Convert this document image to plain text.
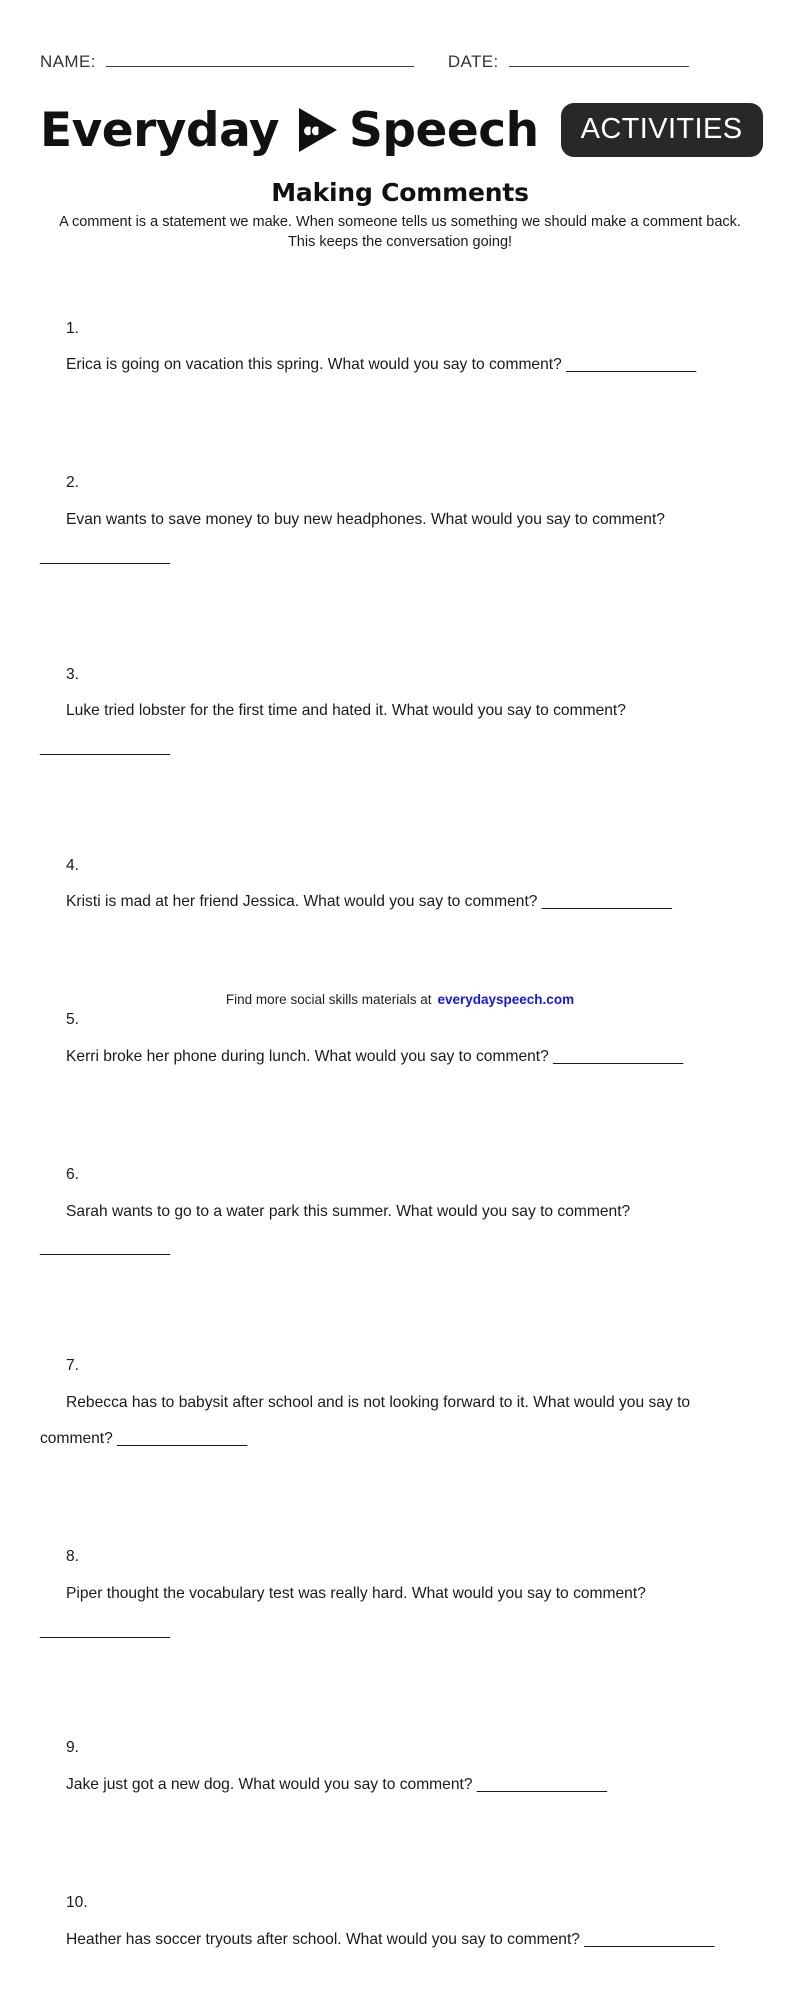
NAME:	DATE:
Everyday Speech	ACTIVITIES
Making Comments
A comment is a statement we make. When someone tells us something we should make a comment back. This keeps the conversation going!

1.
Erica is going on vacation this spring. What would you say to comment? _______________

2.
Evan wants to save money to buy new headphones. What would you say to comment? _______________

3.
Luke tried lobster for the first time and hated it. What would you say to comment? _______________

4.
Kristi is mad at her friend Jessica. What would you say to comment? _______________

5.
Kerri broke her phone during lunch. What would you say to comment? _______________

6.
Sarah wants to go to a water park this summer. What would you say to comment? _______________

7.
Rebecca has to babysit after school and is not looking forward to it. What would you say to comment? _______________

8.
Piper thought the vocabulary test was really hard. What would you say to comment? _______________

9.
Jake just got a new dog. What would you say to comment? _______________

10.
Heather has soccer tryouts after school. What would you say to comment? _______________

Find more social skills materials at everydayspeech.com
